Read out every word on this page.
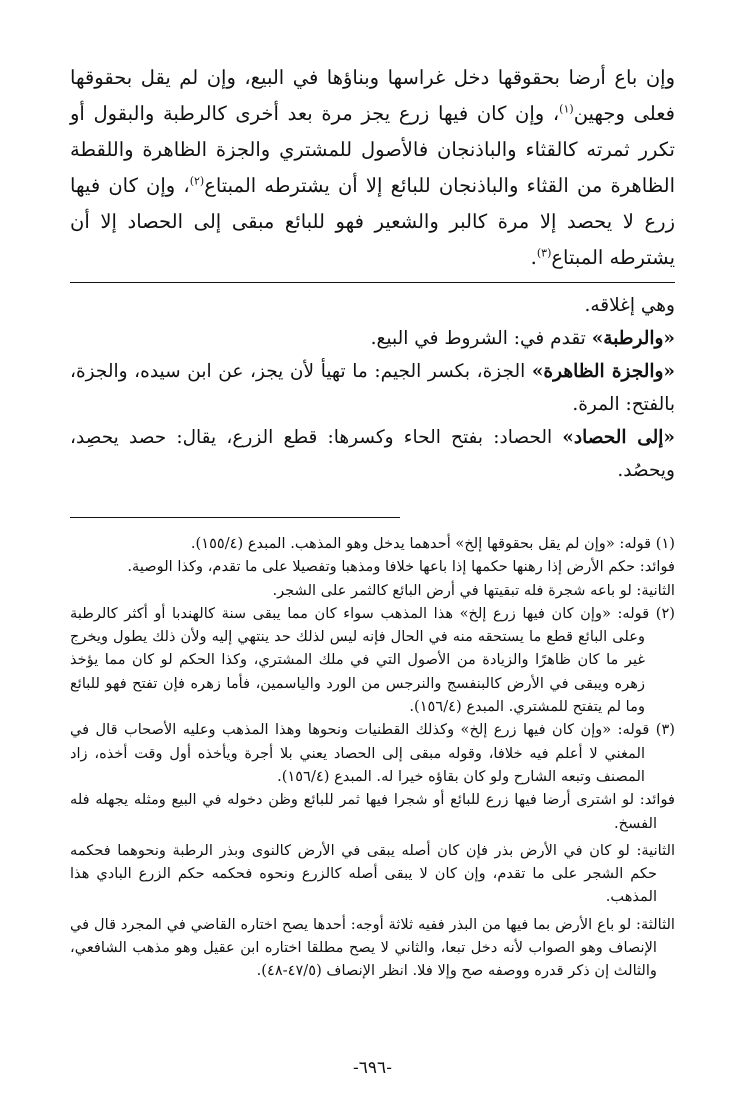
وإن باع أرضا بحقوقها دخل غراسها وبناؤها في البيع، وإن لم يقل بحقوقها فعلى وجهين$^{(١)}$، وإن كان فيها زرع يجز مرة بعد أخرى كالرطبة والبقول أو تكرر ثمرته كالقثاء والباذنجان فالأصول للمشتري والجزة الظاهرة واللقطة الظاهرة من القثاء والباذنجان للبائع إلا أن يشترطه المبتاع$^{(٢)}$، وإن كان فيها زرع لا يحصد إلا مرة كالبر والشعير فهو للبائع مبقى إلى الحصاد إلا أن يشترطه المبتاع$^{(٣)}$.

وهي إغلاقه.

«والرطبة» تقدم في: الشروط في البيع.

«والجزة الظاهرة» الجزة، بكسر الجيم: ما تهيأ لأن يجز، عن ابن سيده، والجزة، بالفتح: المرة.

«إلى الحصاد» الحصاد: بفتح الحاء وكسرها: قطع الزرع، يقال: حصد يحصِد، ويحصُد.

(١) قوله: «وإن لم يقل بحقوقها إلخ» أحدهما يدخل وهو المذهب. المبدع (١٥٥/٤).

فوائد: حكم الأرض إذا رهنها حكمها إذا باعها خلافا ومذهبا وتفصيلا على ما تقدم، وكذا الوصية.

الثانية: لو باعه شجرة فله تبقيتها في أرض البائع كالثمر على الشجر.

(٢) قوله: «وإن كان فيها زرع إلخ» هذا المذهب سواء كان مما يبقى سنة كالهندبا أو أكثر كالرطبة وعلى البائع قطع ما يستحقه منه في الحال فإنه ليس لذلك حد ينتهي إليه ولأن ذلك يطول ويخرج غير ما كان ظاهرًا والزيادة من الأصول التي في ملك المشتري، وكذا الحكم لو كان مما يؤخذ زهره ويبقى في الأرض كالبنفسج والنرجس من الورد والياسمين، فأما زهره فإن تفتح فهو للبائع وما لم يتفتح للمشتري. المبدع (١٥٦/٤).

(٣) قوله: «وإن كان فيها زرع إلخ» وكذلك القطنيات ونحوها وهذا المذهب وعليه الأصحاب قال في المغني لا أعلم فيه خلافا، وقوله مبقى إلى الحصاد يعني بلا أجرة ويأخذه أول وقت أخذه، زاد المصنف وتبعه الشارح ولو كان بقاؤه خيرا له. المبدع (١٥٦/٤).

فوائد: لو اشترى أرضا فيها زرع للبائع أو شجرا فيها ثمر للبائع وظن دخوله في البيع ومثله يجهله فله الفسخ.

الثانية: لو كان في الأرض بذر فإن كان أصله يبقى في الأرض كالنوى وبذر الرطبة ونحوهما فحكمه حكم الشجر على ما تقدم، وإن كان لا يبقى أصله كالزرع ونحوه فحكمه حكم الزرع البادي هذا المذهب.

الثالثة: لو باع الأرض بما فيها من البذر ففيه ثلاثة أوجه: أحدها يصح اختاره القاضي في المجرد قال في الإنصاف وهو الصواب لأنه دخل تبعا، والثاني لا يصح مطلقا اختاره ابن عقيل وهو مذهب الشافعي، والثالث إن ذكر قدره ووصفه صح وإلا فلا. انظر الإنصاف (٤٧/٥-٤٨).

-٦٩٦-
